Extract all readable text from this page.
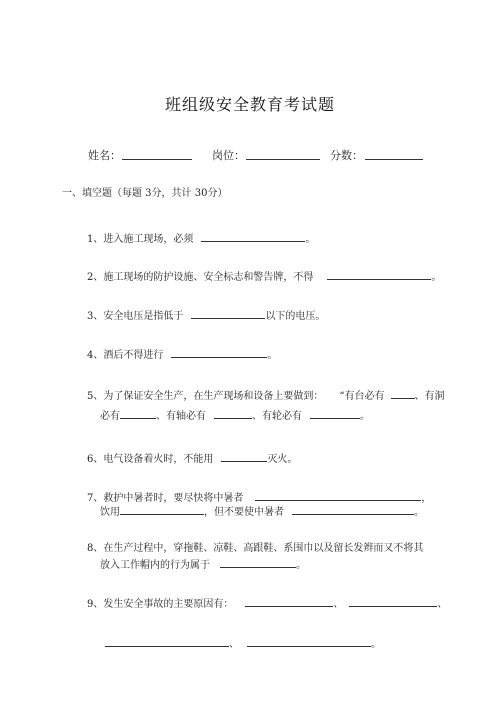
班组级安全教育考试题
姓名：	岗位：	分数：
一、填空题（每题 3分，共计 30分）
1、进入施工现场，必须	。
2、施工现场的防护设施、安全标志和警告牌，不得	。
3、安全电压是指低于	以下的电压。
4、酒后不得进行	。
5、为了保证安全生产，在生产现场和设备上要做到： “有台必有	、有洞
必有	、有轴必有	、有轮必有	。
6、电气设备着火时，不能用	灭火。
7、救护中暑者时，要尽快将中暑者	，
饮用	，但不要使中暑者	。
8、在生产过程中，穿拖鞋、凉鞋、高跟鞋、系围巾以及留长发辫而又不将其
放入工作帽内的行为属于	。
9、发生安全事故的主要原因有：	、	、
、	。
